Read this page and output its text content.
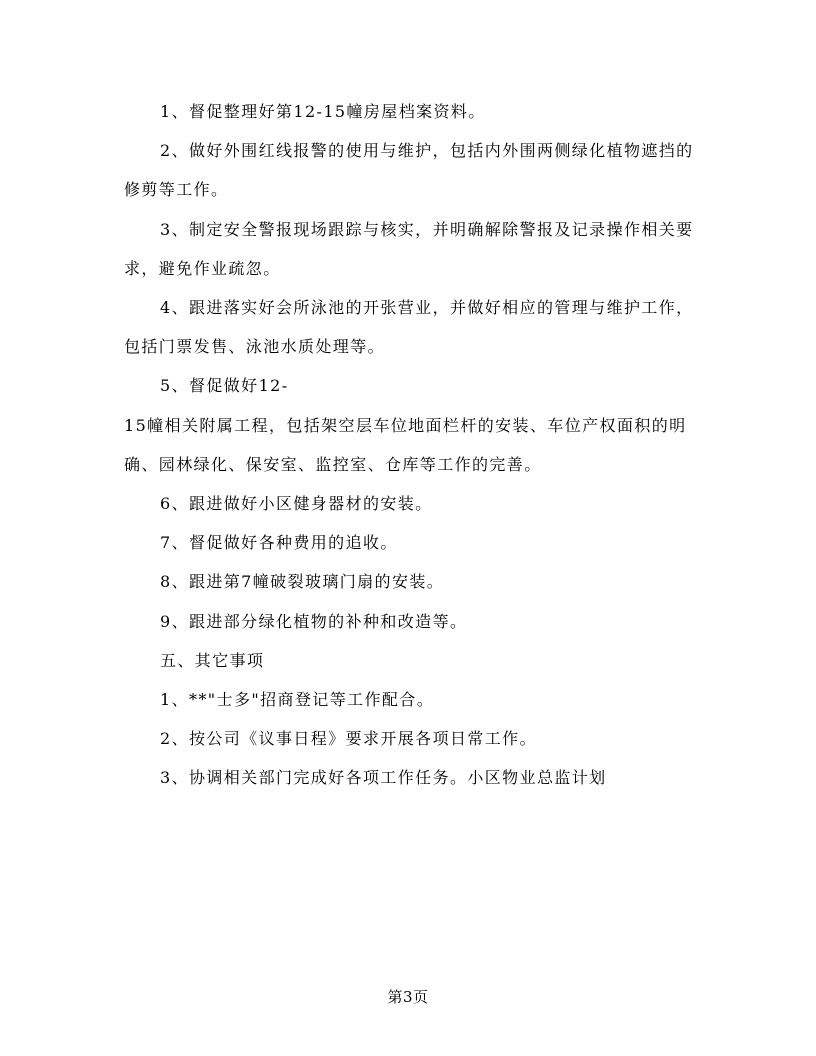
1、督促整理好第12-15幢房屋档案资料。

2、做好外围红线报警的使用与维护，包括内外围两侧绿化植物遮挡的修剪等工作。

3、制定安全警报现场跟踪与核实，并明确解除警报及记录操作相关要求，避免作业疏忽。

4、跟进落实好会所泳池的开张营业，并做好相应的管理与维护工作，包括门票发售、泳池水质处理等。

5、督促做好12-

15幢相关附属工程，包括架空层车位地面栏杆的安装、车位产权面积的明确、园林绿化、保安室、监控室、仓库等工作的完善。

6、跟进做好小区健身器材的安装。

7、督促做好各种费用的追收。

8、跟进第7幢破裂玻璃门扇的安装。

9、跟进部分绿化植物的补种和改造等。

五、其它事项

1、**"士多"招商登记等工作配合。

2、按公司《议事日程》要求开展各项日常工作。

3、协调相关部门完成好各项工作任务。小区物业总监计划

第3页
